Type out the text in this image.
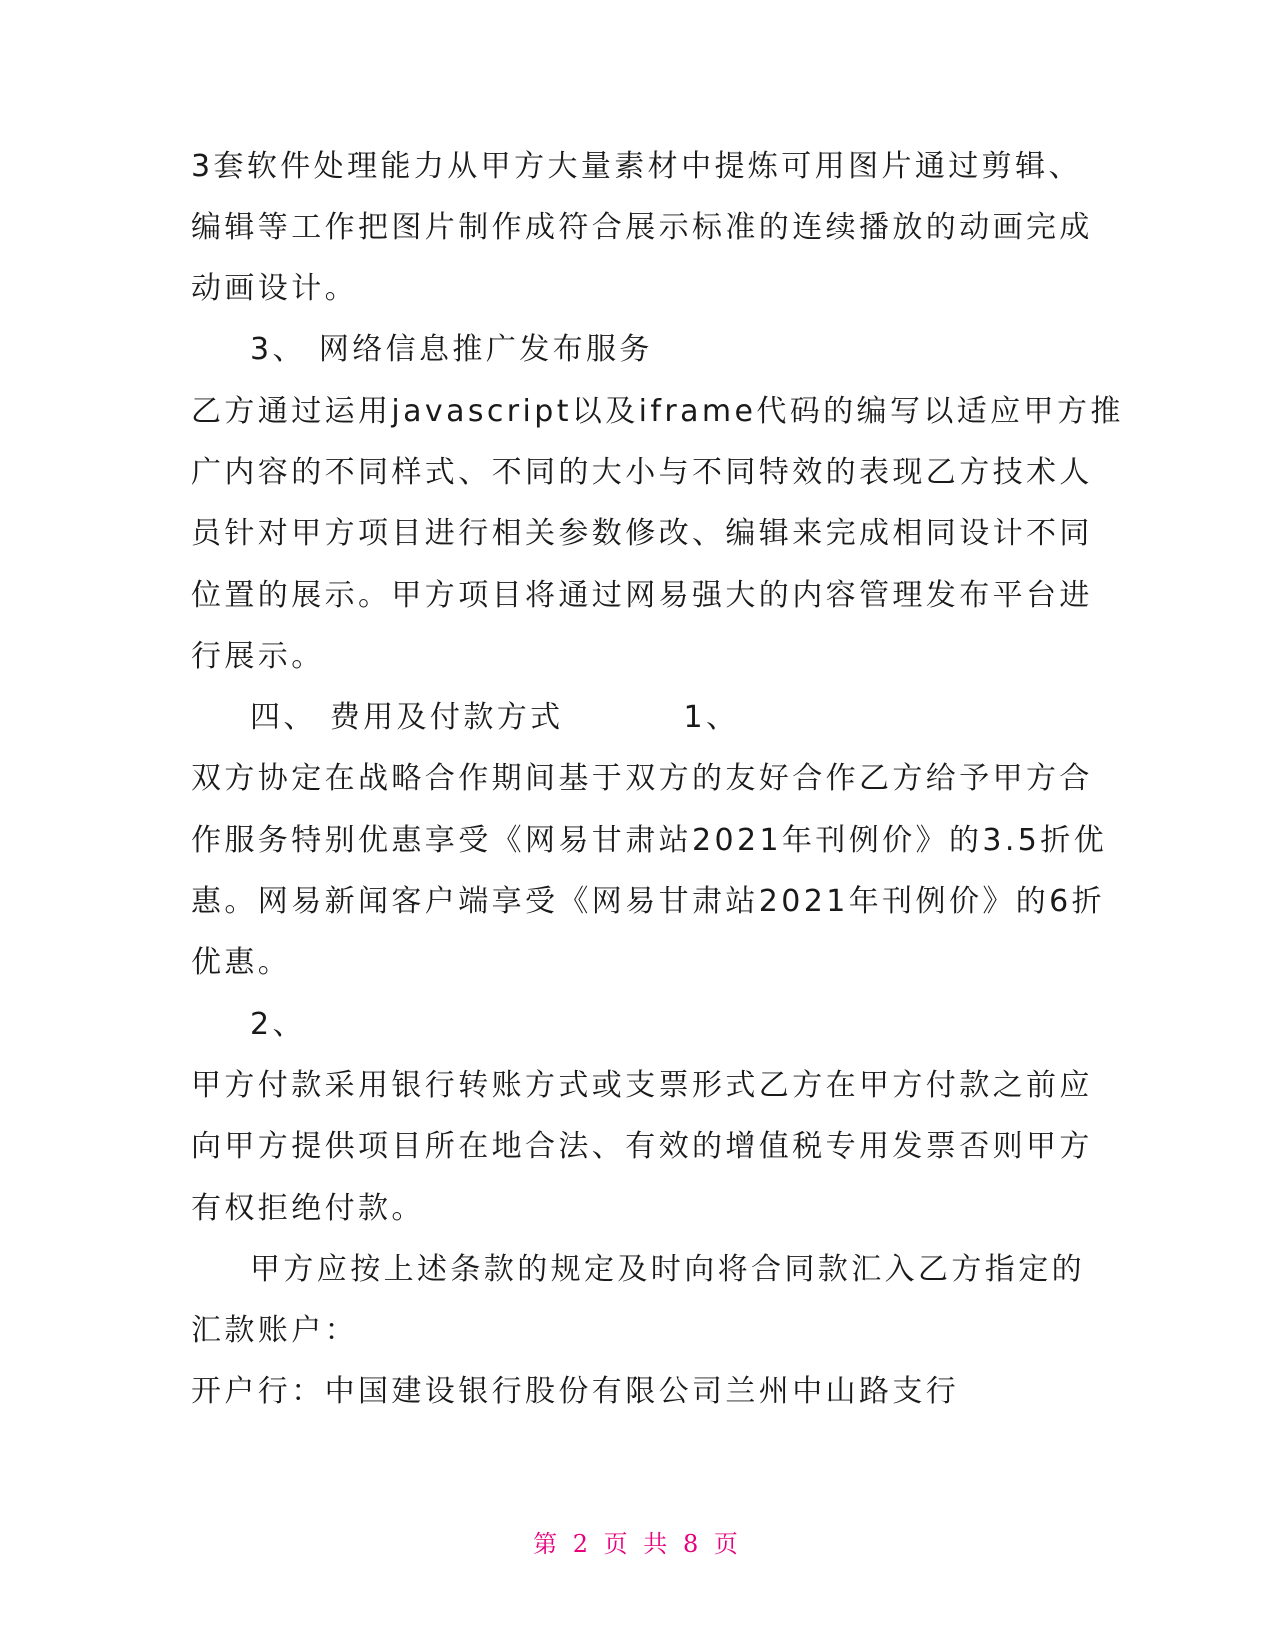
3套软件处理能力从甲方大量素材中提炼可用图片通过剪辑、

编辑等工作把图片制作成符合展示标准的连续播放的动画完成

动画设计。

3、 网络信息推广发布服务

乙方通过运用javascript以及iframe代码的编写以适应甲方推

广内容的不同样式、不同的大小与不同特效的表现乙方技术人

员针对甲方项目进行相关参数修改、编辑来完成相同设计不同

位置的展示。甲方项目将通过网易强大的内容管理发布平台进

行展示。

四、 费用及付款方式	1、

双方协定在战略合作期间基于双方的友好合作乙方给予甲方合

作服务特别优惠享受《网易甘肃站2021年刊例价》的3.5折优

惠。网易新闻客户端享受《网易甘肃站2021年刊例价》的6折

优惠。

2、

甲方付款采用银行转账方式或支票形式乙方在甲方付款之前应

向甲方提供项目所在地合法、有效的增值税专用发票否则甲方

有权拒绝付款。

甲方应按上述条款的规定及时向将合同款汇入乙方指定的

汇款账户：

开户行：中国建设银行股份有限公司兰州中山路支行

第 2 页 共 8 页
